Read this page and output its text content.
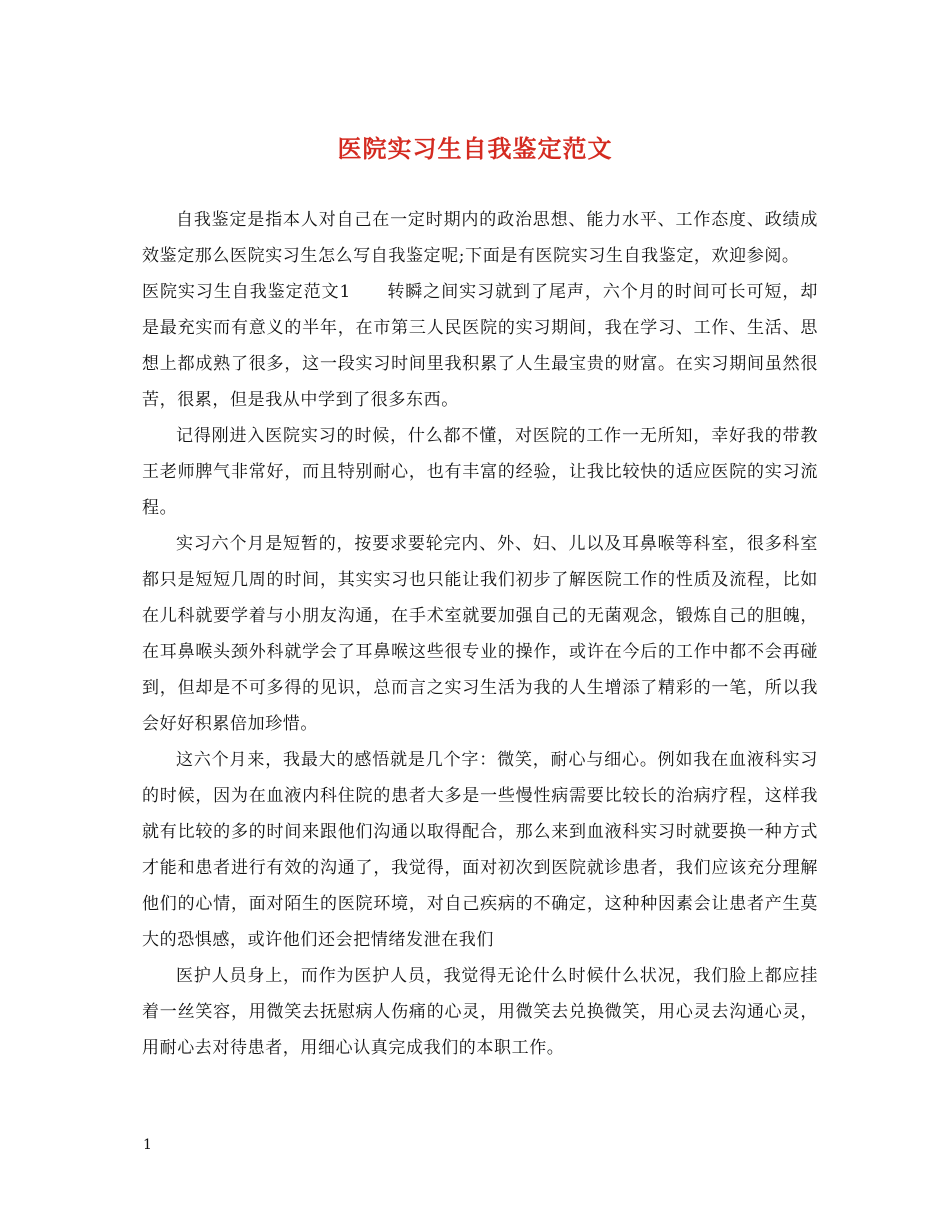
医院实习生自我鉴定范文

自我鉴定是指本人对自己在一定时期内的政治思想、能力水平、工作态度、政绩成效鉴定那么医院实习生怎么写自我鉴定呢;下面是有医院实习生自我鉴定，欢迎参阅。

医院实习生自我鉴定范文1 转瞬之间实习就到了尾声，六个月的时间可长可短，却是最充实而有意义的半年，在市第三人民医院的实习期间，我在学习、工作、生活、思想上都成熟了很多，这一段实习时间里我积累了人生最宝贵的财富。在实习期间虽然很苦，很累，但是我从中学到了很多东西。

记得刚进入医院实习的时候，什么都不懂，对医院的工作一无所知，幸好我的带教王老师脾气非常好，而且特别耐心，也有丰富的经验，让我比较快的适应医院的实习流程。

实习六个月是短暂的，按要求要轮完内、外、妇、儿以及耳鼻喉等科室，很多科室都只是短短几周的时间，其实实习也只能让我们初步了解医院工作的性质及流程，比如在儿科就要学着与小朋友沟通，在手术室就要加强自己的无菌观念，锻炼自己的胆魄，在耳鼻喉头颈外科就学会了耳鼻喉这些很专业的操作，或许在今后的工作中都不会再碰到，但却是不可多得的见识，总而言之实习生活为我的人生增添了精彩的一笔，所以我会好好积累倍加珍惜。

这六个月来，我最大的感悟就是几个字：微笑，耐心与细心。例如我在血液科实习的时候，因为在血液内科住院的患者大多是一些慢性病需要比较长的治病疗程，这样我就有比较的多的时间来跟他们沟通以取得配合，那么来到血液科实习时就要换一种方式才能和患者进行有效的沟通了，我觉得，面对初次到医院就诊患者，我们应该充分理解他们的心情，面对陌生的医院环境，对自己疾病的不确定，这种种因素会让患者产生莫大的恐惧感，或许他们还会把情绪发泄在我们

医护人员身上，而作为医护人员，我觉得无论什么时候什么状况，我们脸上都应挂着一丝笑容，用微笑去抚慰病人伤痛的心灵，用微笑去兑换微笑，用心灵去沟通心灵，用耐心去对待患者，用细心认真完成我们的本职工作。

1
